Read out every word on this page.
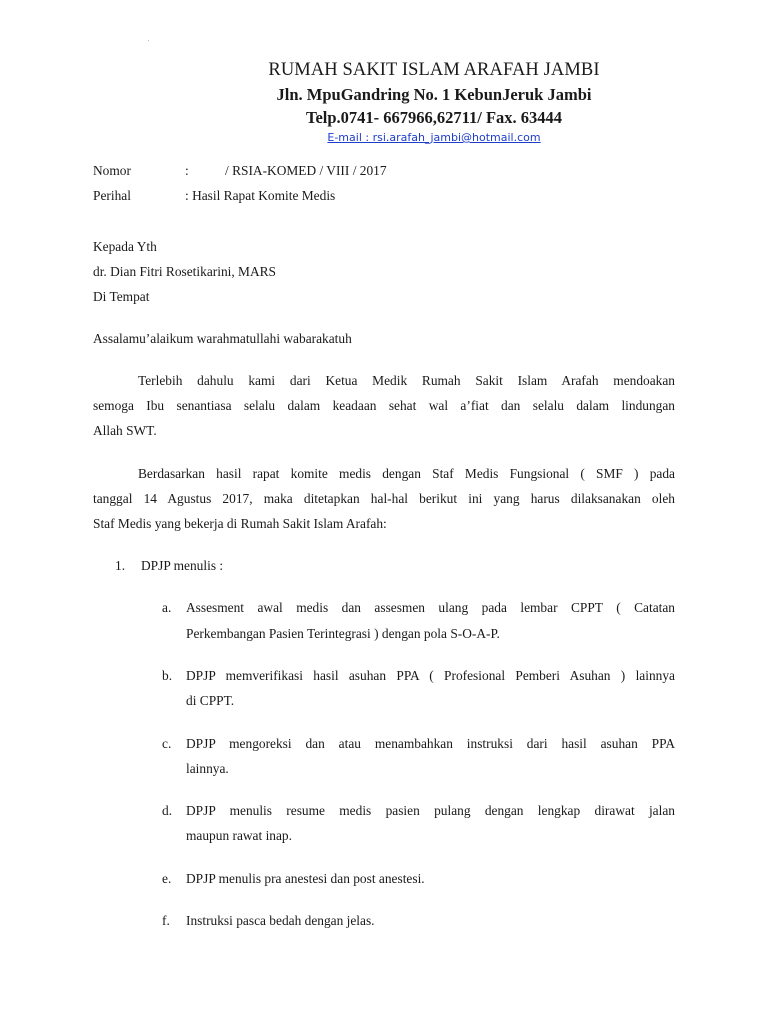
RUMAH SAKIT ISLAM ARAFAH JAMBI
Jln. MpuGandring No. 1 KebunJeruk Jambi
Telp.0741- 667966,62711/ Fax. 63444
E-mail : rsi.arafah_jambi@hotmail.com
Nomor	:	/ RSIA-KOMED / VIII / 2017
Perihal	: Hasil Rapat Komite Medis
Kepada Yth
dr. Dian Fitri Rosetikarini, MARS
Di Tempat
Assalamu’alaikum warahmatullahi wabarakatuh
Terlebih dahulu kami dari Ketua Medik Rumah Sakit Islam Arafah mendoakan
semoga Ibu senantiasa selalu dalam keadaan sehat wal a’fiat dan selalu dalam lindungan
Allah SWT.
Berdasarkan hasil rapat komite medis dengan Staf Medis Fungsional ( SMF ) pada
tanggal 14 Agustus 2017, maka ditetapkan hal-hal berikut ini yang harus dilaksanakan oleh
Staf Medis yang bekerja di Rumah Sakit Islam Arafah:
1. DPJP menulis :
a. Assesment awal medis dan assesmen ulang pada lembar CPPT ( Catatan
Perkembangan Pasien Terintegrasi ) dengan pola S-O-A-P.
b. DPJP memverifikasi hasil asuhan PPA ( Profesional Pemberi Asuhan ) lainnya
di CPPT.
c. DPJP mengoreksi dan atau menambahkan instruksi dari hasil asuhan PPA
lainnya.
d. DPJP menulis resume medis pasien pulang dengan lengkap dirawat jalan
maupun rawat inap.
e. DPJP menulis pra anestesi dan post anestesi.
f. Instruksi pasca bedah dengan jelas.
